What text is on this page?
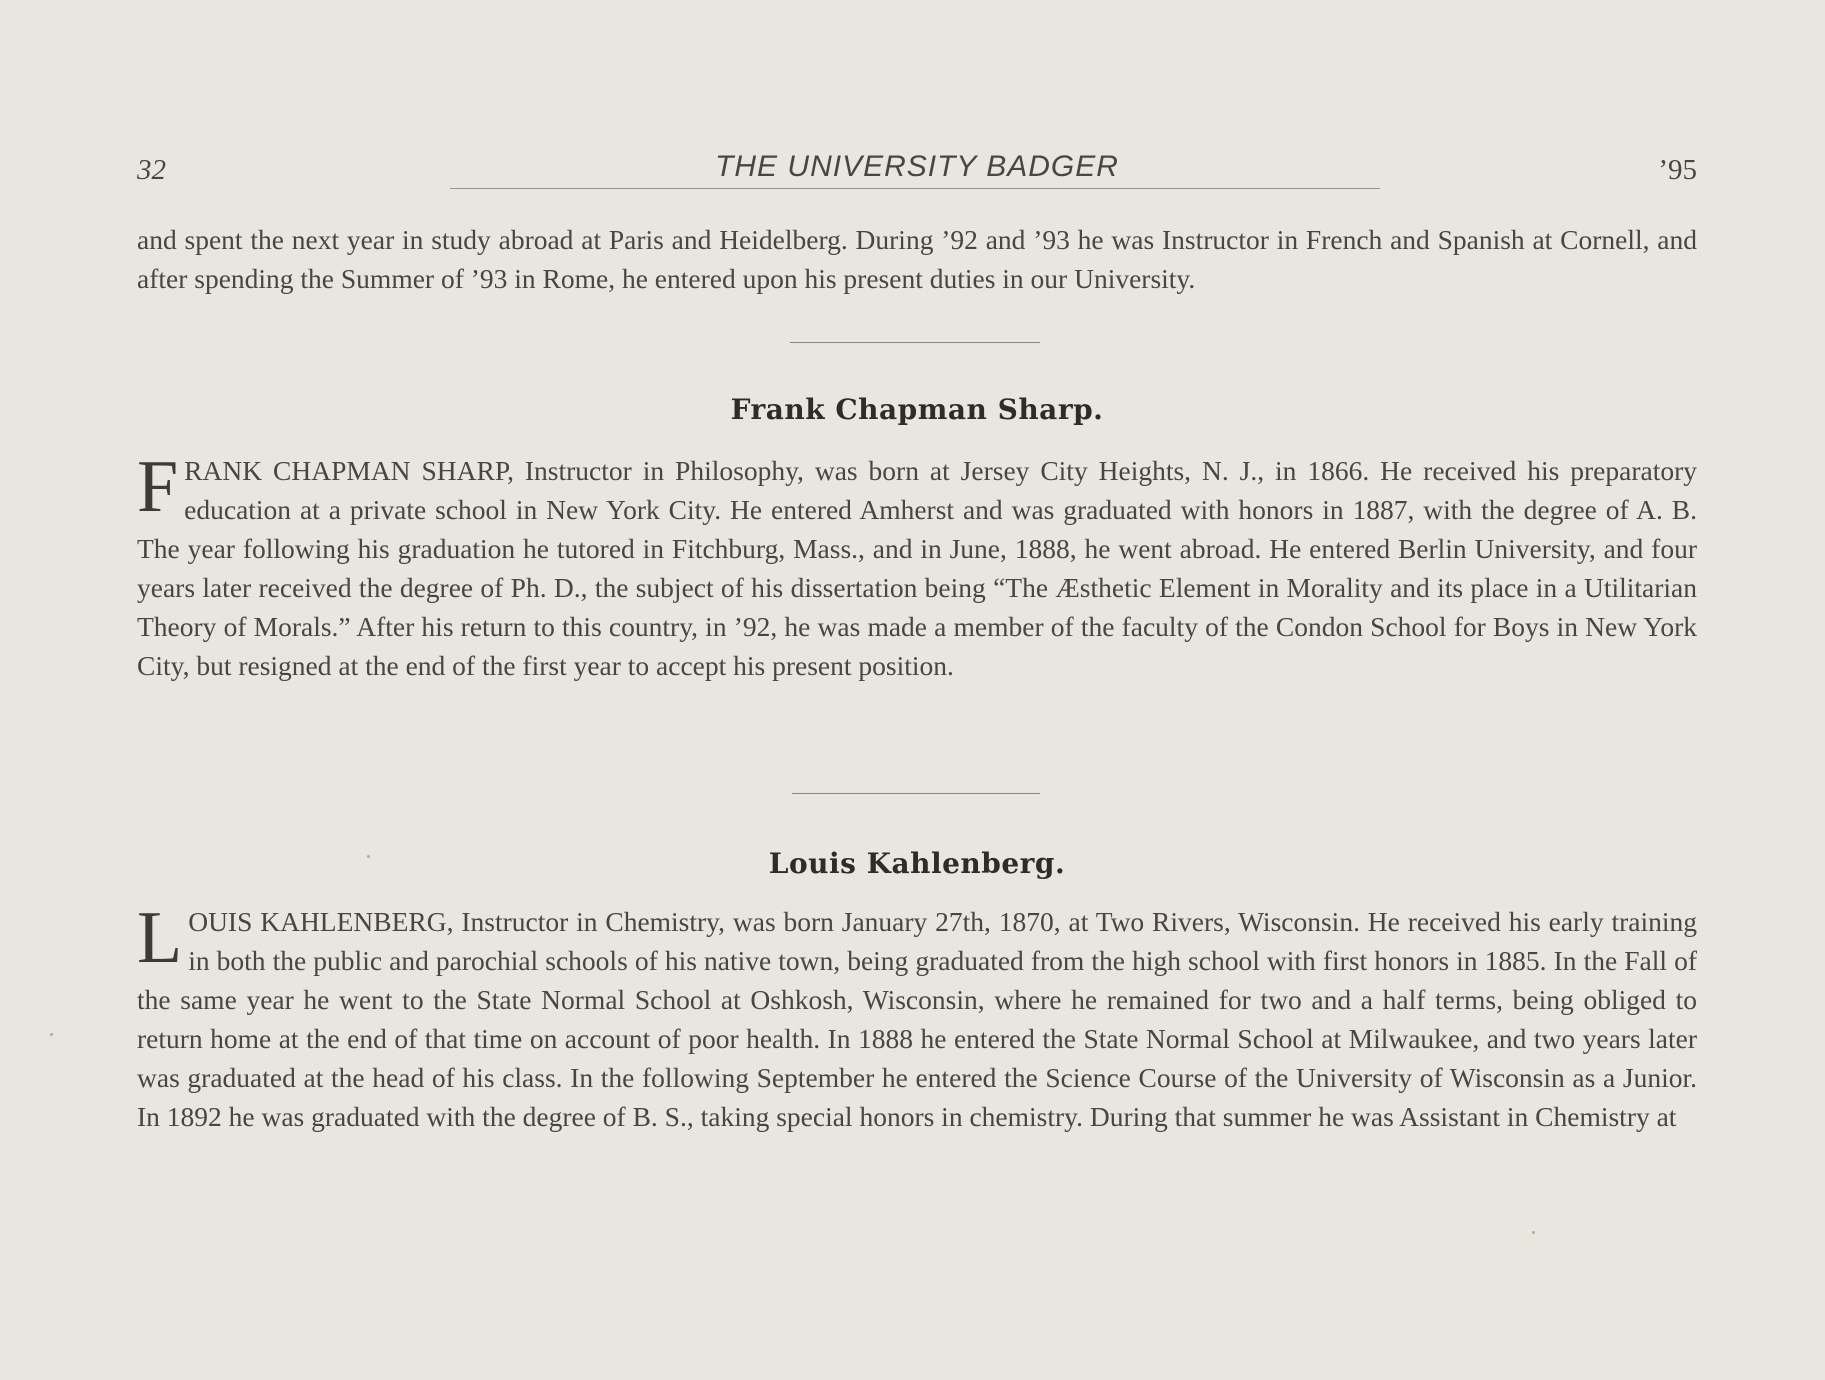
32	THE UNIVERSITY BADGER	’95

and spent the next year in study abroad at Paris and Heidelberg. During ’92 and ’93 he was Instructor in French and Spanish at Cornell, and after spending the Summer of ’93 in Rome, he entered upon his present duties in our University.

Frank Chapman Sharp.
F RANK CHAPMAN SHARP, Instructor in Philosophy, was born at Jersey City Heights, N. J., in 1866. He received his preparatory education at a private school in New York City. He entered Amherst and was graduated with honors in 1887, with the degree of A. B. The year following his graduation he tutored in Fitchburg, Mass., and in June, 1888, he went abroad. He entered Berlin University, and four years later received the degree of Ph. D., the subject of his dissertation being “The Æsthetic Element in Morality and its place in a Utilitarian Theory of Morals.” After his return to this country, in ’92, he was made a member of the faculty of the Condon School for Boys in New York City, but resigned at the end of the first year to accept his present position.

Louis Kahlenberg.
L OUIS KAHLENBERG, Instructor in Chemistry, was born January 27th, 1870, at Two Rivers, Wisconsin. He received his early training in both the public and parochial schools of his native town, being graduated from the high school with first honors in 1885. In the Fall of the same year he went to the State Normal School at Oshkosh, Wisconsin, where he remained for two and a half terms, being obliged to return home at the end of that time on account of poor health. In 1888 he entered the State Normal School at Milwaukee, and two years later was graduated at the head of his class. In the following September he entered the Science Course of the University of Wisconsin as a Junior. In 1892 he was graduated with the degree of B. S., taking special honors in chemistry. During that summer he was Assistant in Chemistry at
